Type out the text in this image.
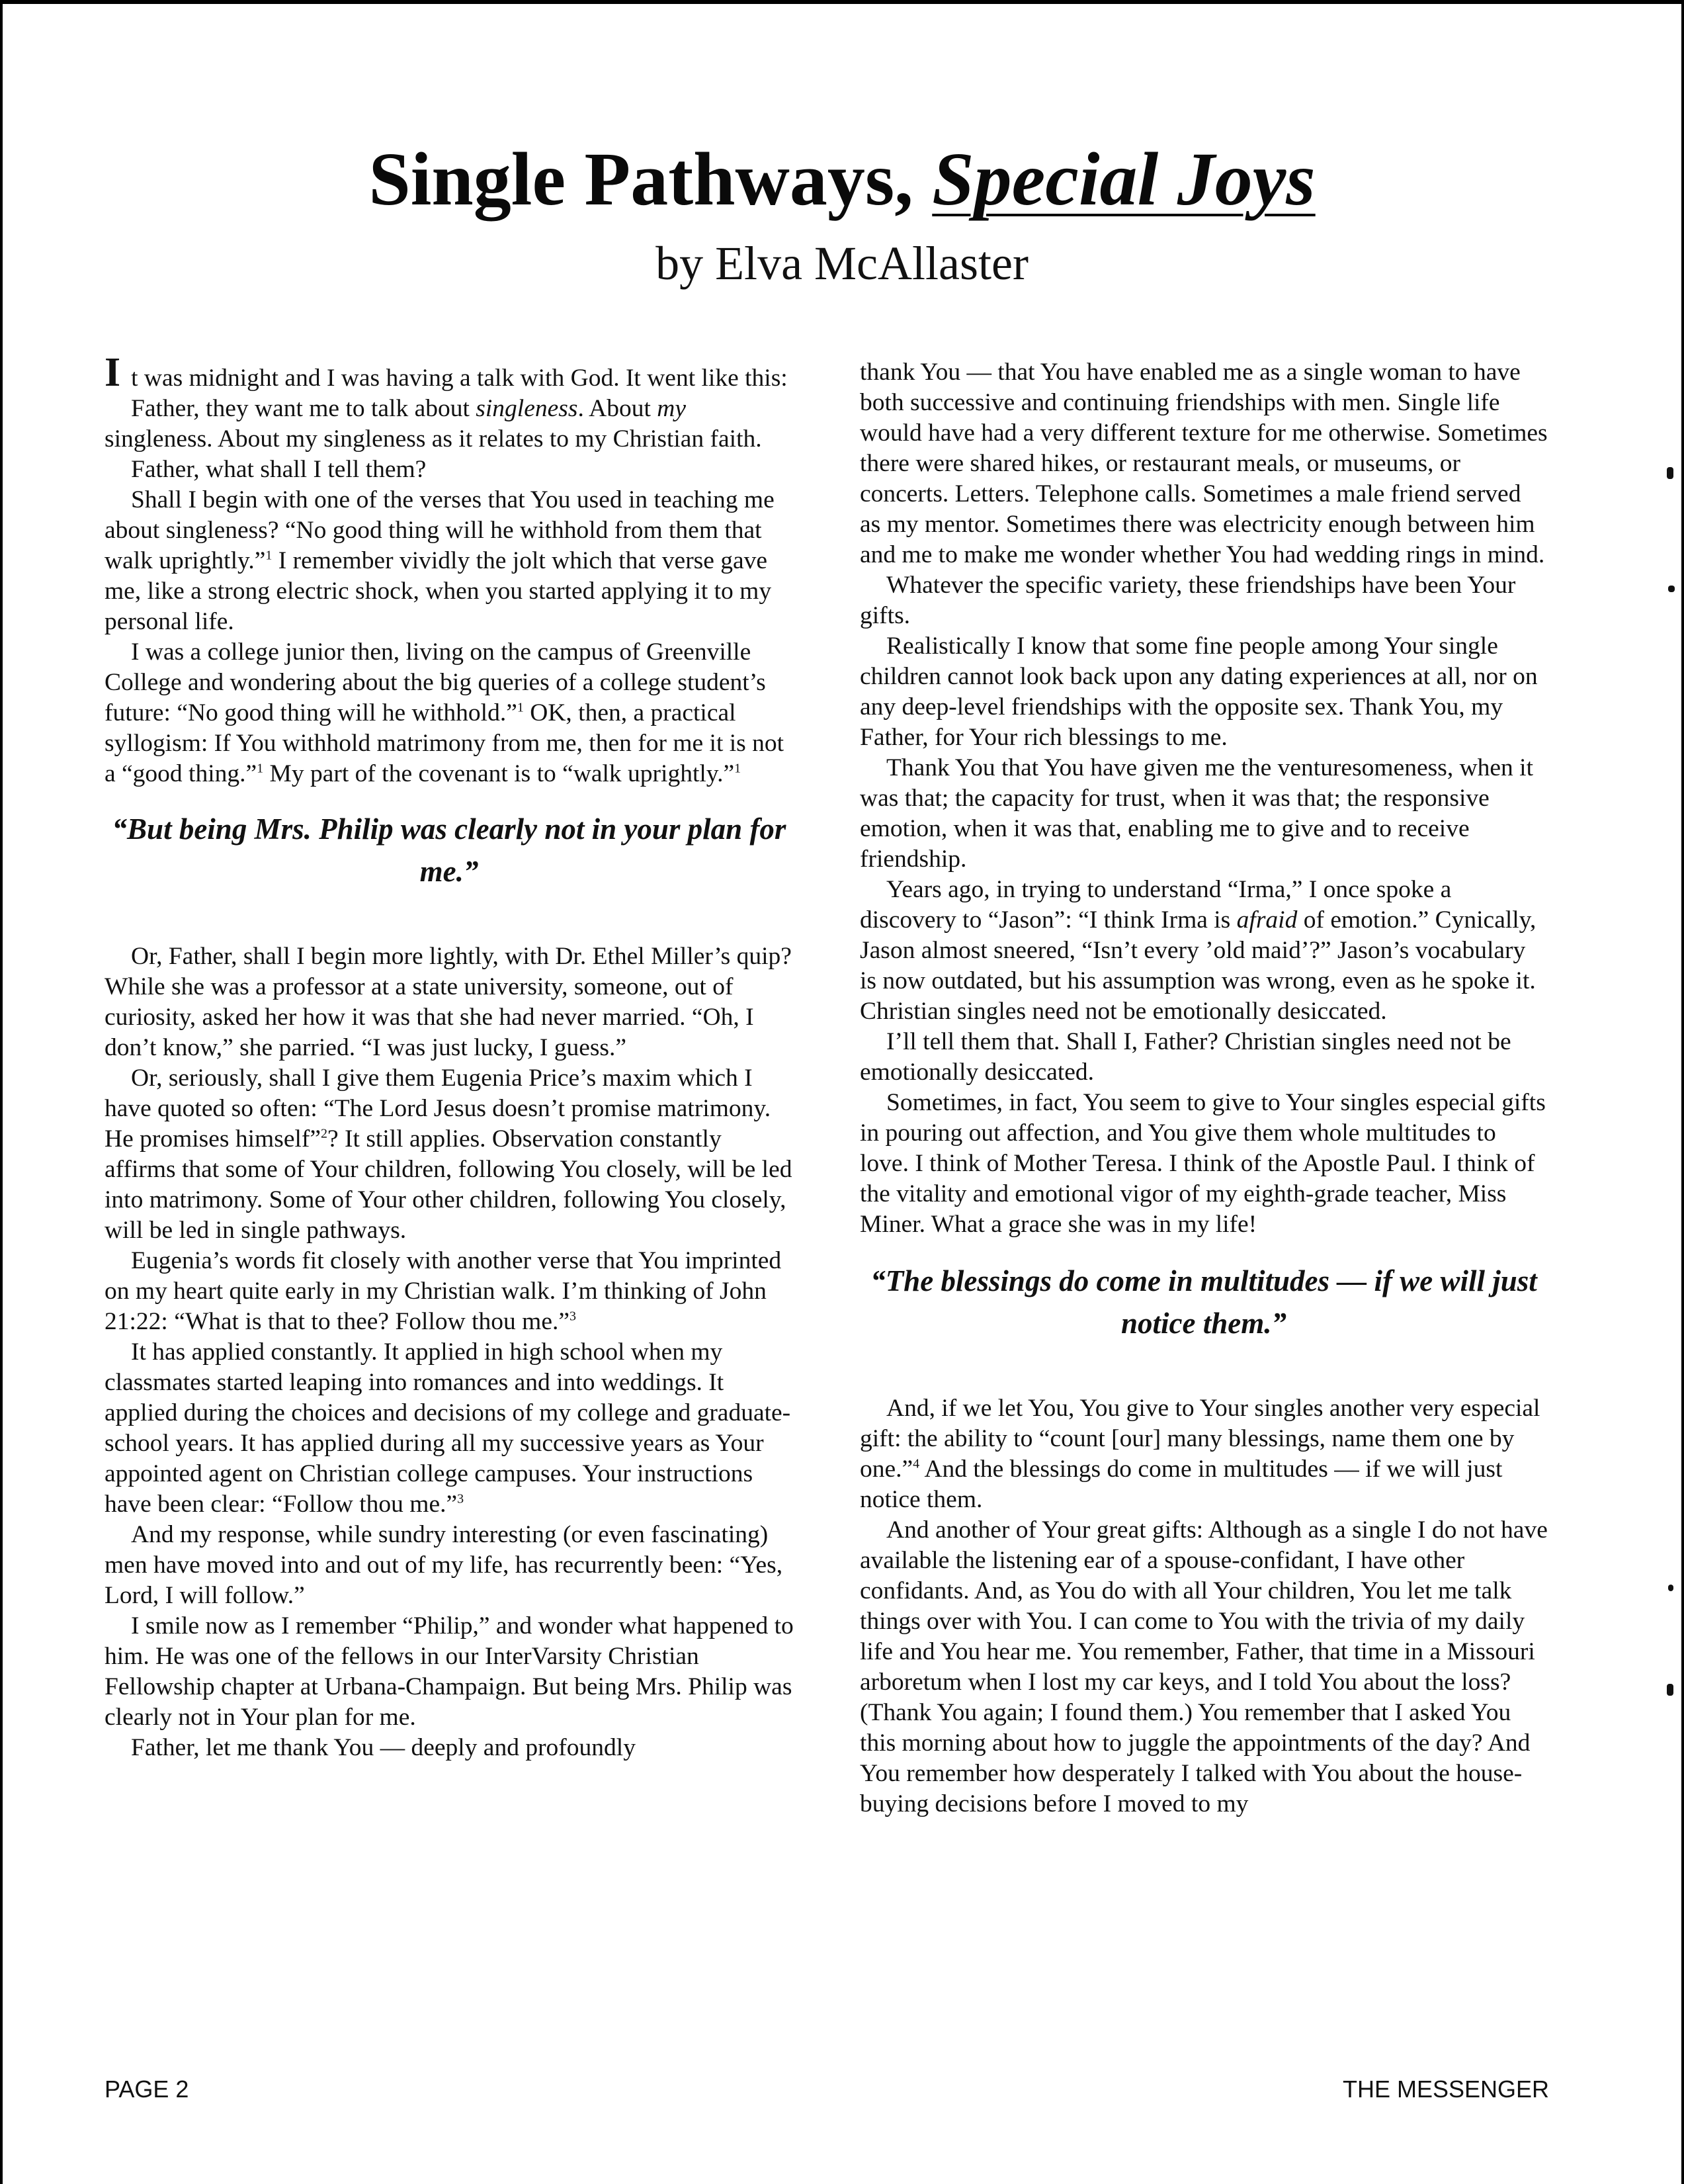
Single Pathways, Special Joys
by Elva McAllaster

It was midnight and I was having a talk with God. It went like this:

Father, they want me to talk about singleness. About my singleness. About my singleness as it relates to my Christian faith.

Father, what shall I tell them?

Shall I begin with one of the verses that You used in teaching me about singleness? “No good thing will he withhold from them that walk uprightly.”$^1$ I remember vividly the jolt which that verse gave me, like a strong electric shock, when you started applying it to my personal life.

I was a college junior then, living on the campus of Greenville College and wondering about the big queries of a college student’s future: “No good thing will he withhold.”$^1$ OK, then, a practical syllogism: If You withhold matrimony from me, then for me it is not a “good thing.”$^1$ My part of the covenant is to “walk uprightly.”$^1$

“But being Mrs. Philip was clearly not in your plan for me.”

Or, Father, shall I begin more lightly, with Dr. Ethel Miller’s quip? While she was a professor at a state university, someone, out of curiosity, asked her how it was that she had never married. “Oh, I don’t know,” she parried. “I was just lucky, I guess.”

Or, seriously, shall I give them Eugenia Price’s maxim which I have quoted so often: “The Lord Jesus doesn’t promise matrimony. He promises himself”$^2$? It still applies. Observation constantly affirms that some of Your children, following You closely, will be led into matrimony. Some of Your other children, following You closely, will be led in single pathways.

Eugenia’s words fit closely with another verse that You imprinted on my heart quite early in my Christian walk. I’m thinking of John 21:22: “What is that to thee? Follow thou me.”$^3$

It has applied constantly. It applied in high school when my classmates started leaping into romances and into weddings. It applied during the choices and decisions of my college and graduate-school years. It has applied during all my successive years as Your appointed agent on Christian college campuses. Your instructions have been clear: “Follow thou me.”$^3$

And my response, while sundry interesting (or even fascinating) men have moved into and out of my life, has recurrently been: “Yes, Lord, I will follow.”

I smile now as I remember “Philip,” and wonder what happened to him. He was one of the fellows in our InterVarsity Christian Fellowship chapter at Urbana-Champaign. But being Mrs. Philip was clearly not in Your plan for me.

Father, let me thank You — deeply and profoundly

thank You — that You have enabled me as a single woman to have both successive and continuing friendships with men. Single life would have had a very different texture for me otherwise. Sometimes there were shared hikes, or restaurant meals, or museums, or concerts. Letters. Telephone calls. Sometimes a male friend served as my mentor. Sometimes there was electricity enough between him and me to make me wonder whether You had wedding rings in mind.

Whatever the specific variety, these friendships have been Your gifts.

Realistically I know that some fine people among Your single children cannot look back upon any dating experiences at all, nor on any deep-level friendships with the opposite sex. Thank You, my Father, for Your rich blessings to me.

Thank You that You have given me the venturesomeness, when it was that; the capacity for trust, when it was that; the responsive emotion, when it was that, enabling me to give and to receive friendship.

Years ago, in trying to understand “Irma,” I once spoke a discovery to “Jason”: “I think Irma is afraid of emotion.” Cynically, Jason almost sneered, “Isn’t every ’old maid’?” Jason’s vocabulary is now outdated, but his assumption was wrong, even as he spoke it. Christian singles need not be emotionally desiccated.

I’ll tell them that. Shall I, Father? Christian singles need not be emotionally desiccated.

Sometimes, in fact, You seem to give to Your singles especial gifts in pouring out affection, and You give them whole multitudes to love. I think of Mother Teresa. I think of the Apostle Paul. I think of the vitality and emotional vigor of my eighth-grade teacher, Miss Miner. What a grace she was in my life!

“The blessings do come in multitudes — if we will just notice them.”

And, if we let You, You give to Your singles another very especial gift: the ability to “count [our] many blessings, name them one by one.”$^4$ And the blessings do come in multitudes — if we will just notice them.

And another of Your great gifts: Although as a single I do not have available the listening ear of a spouse-confidant, I have other confidants. And, as You do with all Your children, You let me talk things over with You. I can come to You with the trivia of my daily life and You hear me. You remember, Father, that time in a Missouri arboretum when I lost my car keys, and I told You about the loss? (Thank You again; I found them.) You remember that I asked You this morning about how to juggle the appointments of the day? And You remember how desperately I talked with You about the house-buying decisions before I moved to my

PAGE 2	THE MESSENGER
